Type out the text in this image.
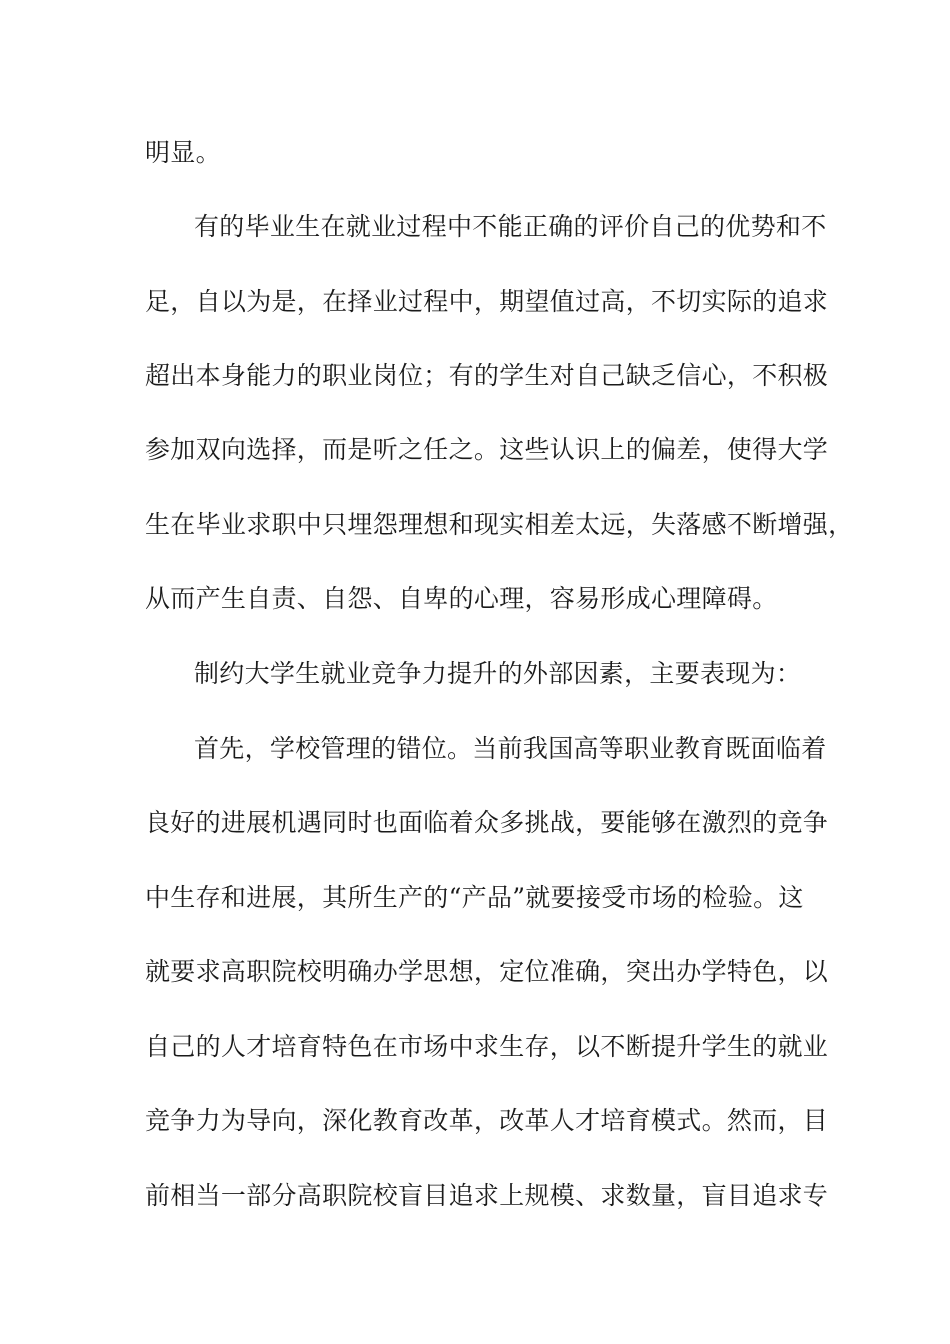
明显。
有的毕业生在就业过程中不能正确的评价自己的优势和不
足，自以为是，在择业过程中，期望值过高，不切实际的追求
超出本身能力的职业岗位；有的学生对自己缺乏信心，不积极
参加双向选择，而是听之任之。这些认识上的偏差，使得大学
生在毕业求职中只埋怨理想和现实相差太远，失落感不断增强，
从而产生自责、自怨、自卑的心理，容易形成心理障碍。
制约大学生就业竞争力提升的外部因素，主要表现为：
首先，学校管理的错位。当前我国高等职业教育既面临着
良好的进展机遇同时也面临着众多挑战，要能够在激烈的竞争
中生存和进展，其所生产的“产品”就要接受市场的检验。这
就要求高职院校明确办学思想，定位准确，突出办学特色，以
自己的人才培育特色在市场中求生存，以不断提升学生的就业
竞争力为导向，深化教育改革，改革人才培育模式。然而，目
前相当一部分高职院校盲目追求上规模、求数量，盲目追求专
